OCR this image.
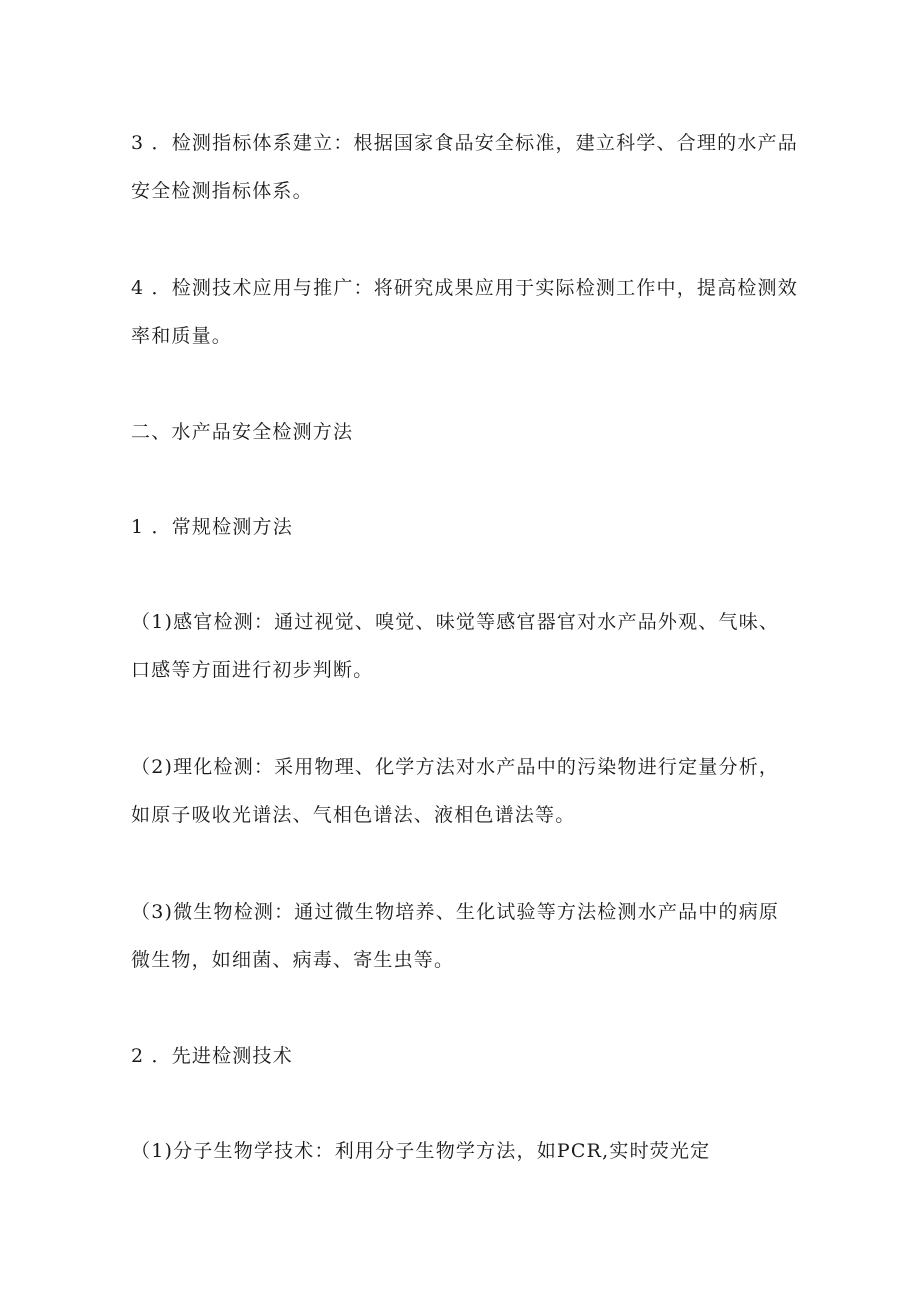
3 ．检测指标体系建立：根据国家食品安全标准，建立科学、合理的水产品
安全检测指标体系。
4 ．检测技术应用与推广：将研究成果应用于实际检测工作中，提高检测效
率和质量。
二、水产品安全检测方法
1 ．常规检测方法
（1)感官检测：通过视觉、嗅觉、味觉等感官器官对水产品外观、气味、
口感等方面进行初步判断。
（2)理化检测：采用物理、化学方法对水产品中的污染物进行定量分析，
如原子吸收光谱法、气相色谱法、液相色谱法等。
（3)微生物检测：通过微生物培养、生化试验等方法检测水产品中的病原
微生物，如细菌、病毒、寄生虫等。
2 ．先进检测技术
（1)分子生物学技术：利用分子生物学方法，如PCR,实时荧光定
